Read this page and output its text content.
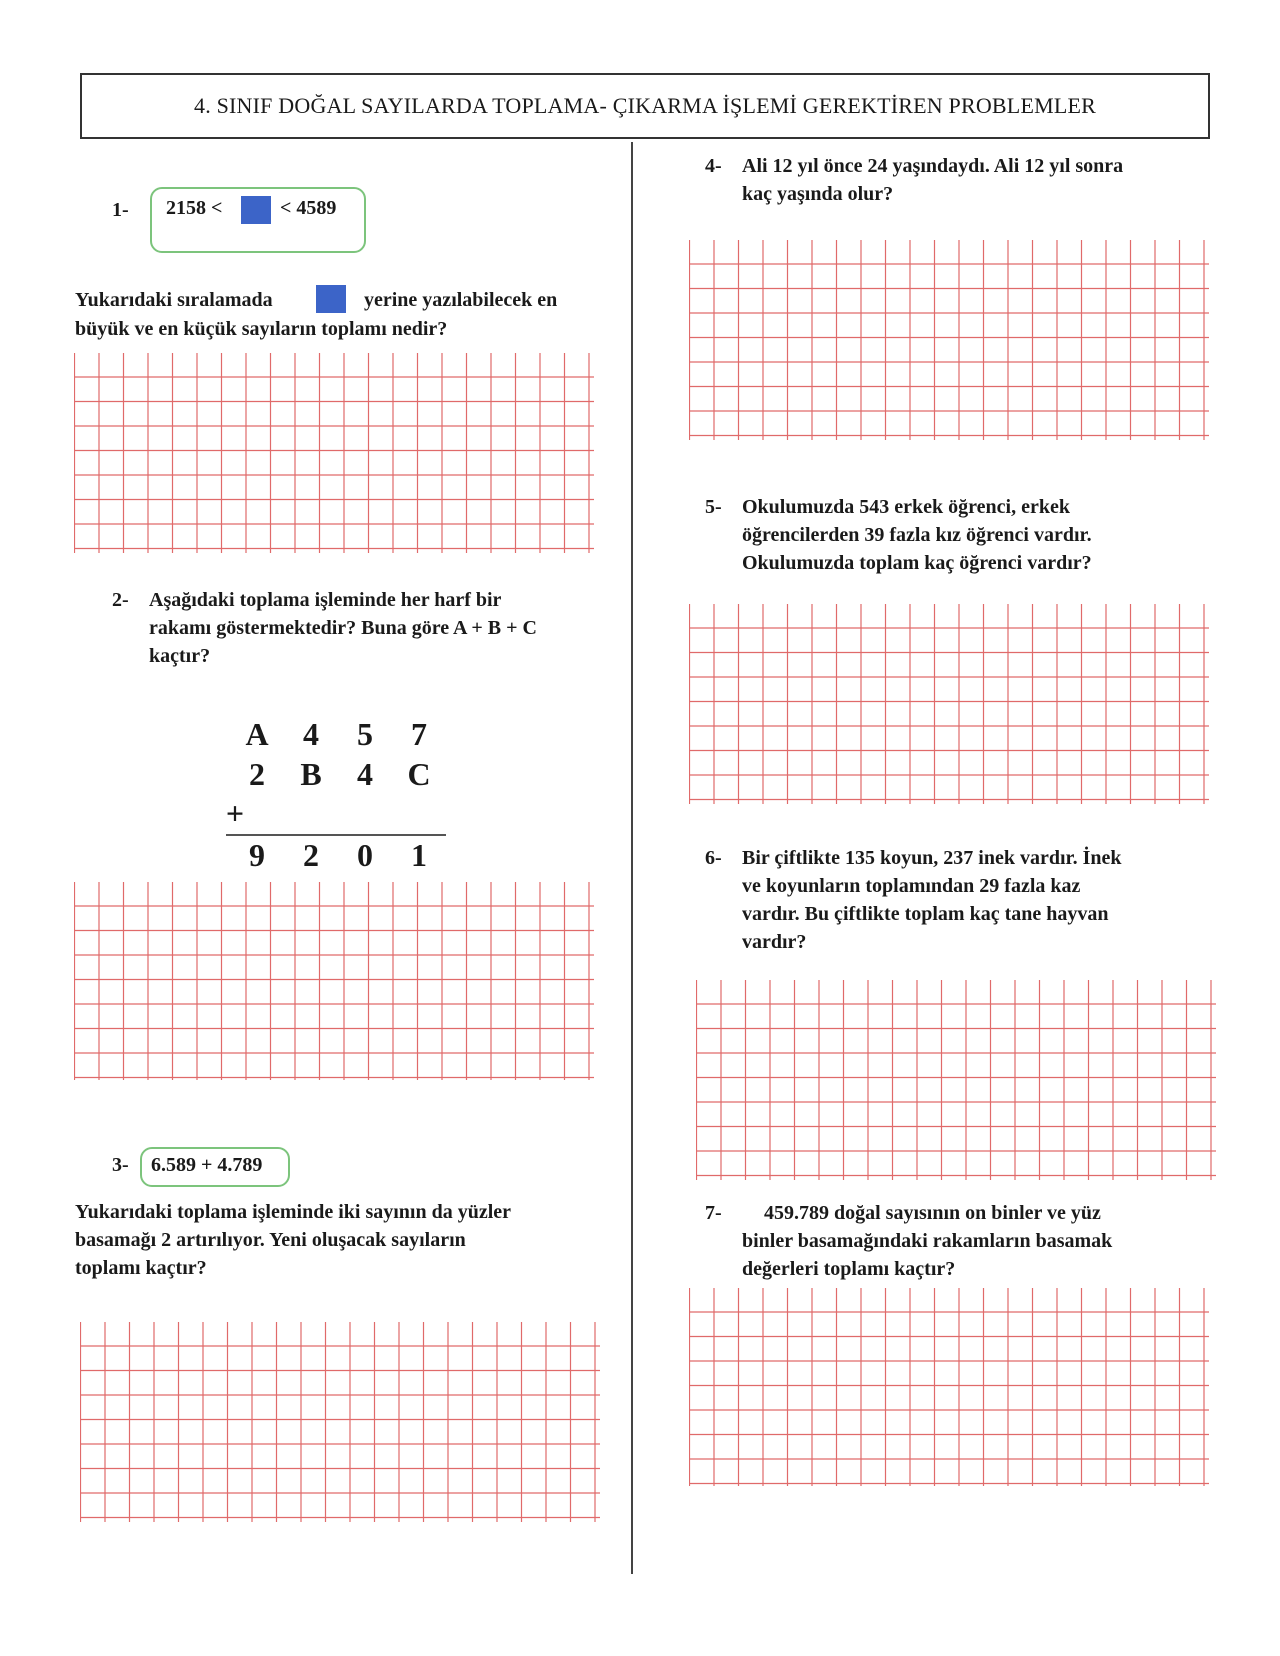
4. SINIF DOĞAL SAYILARDA TOPLAMA- ÇIKARMA İŞLEMİ GEREKTİREN PROBLEMLER
1- 2158 <	< 4589
Yukarıdaki sıralamada	yerine yazılabilecek en
büyük ve en küçük sayıların toplamı nedir?
2- Aşağıdaki toplama işleminde her harf bir
rakamı göstermektedir? Buna göre A + B + C
kaçtır?
A	4	5	7
2	B	4	C
+
9	2	0	1
3- 6.589 + 4.789
Yukarıdaki toplama işleminde iki sayının da yüzler
basamağı 2 artırılıyor. Yeni oluşacak sayıların
toplamı kaçtır?
4- Ali 12 yıl önce 24 yaşındaydı. Ali 12 yıl sonra
kaç yaşında olur?
5- Okulumuzda 543 erkek öğrenci, erkek
öğrencilerden 39 fazla kız öğrenci vardır.
Okulumuzda toplam kaç öğrenci vardır?
6- Bir çiftlikte 135 koyun, 237 inek vardır. İnek
ve koyunların toplamından 29 fazla kaz
vardır. Bu çiftlikte toplam kaç tane hayvan
vardır?
7- 459.789 doğal sayısının on binler ve yüz
binler basamağındaki rakamların basamak
değerleri toplamı kaçtır?
